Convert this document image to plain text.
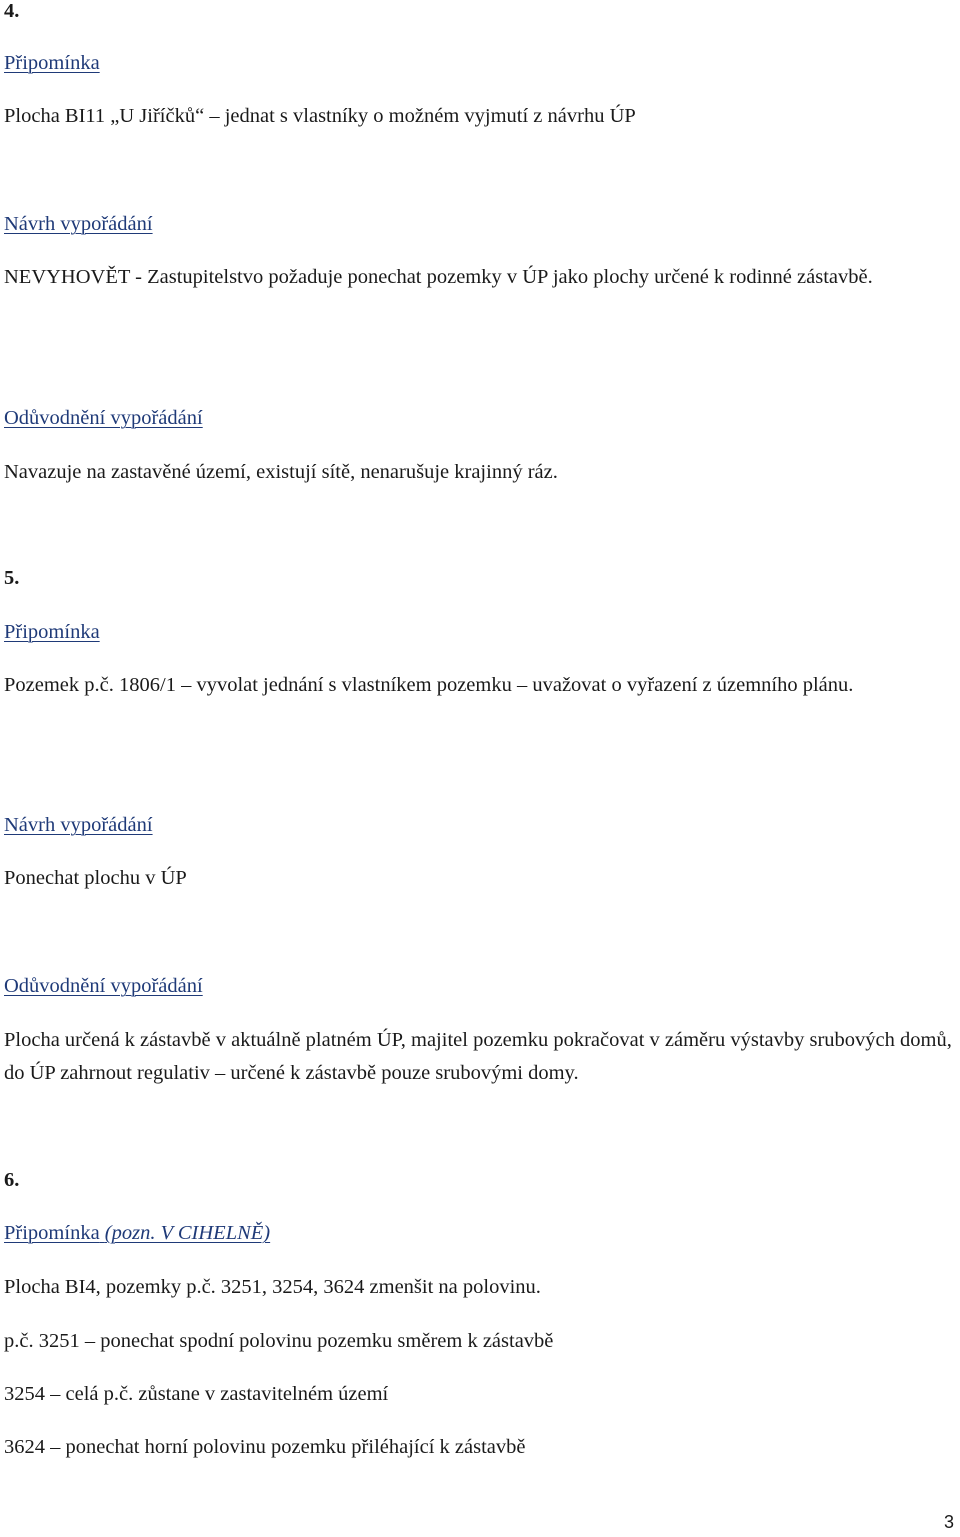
4.

Připomínka

Plocha BI11 „U Jiříčků“ – jednat s vlastníky o možném vyjmutí z návrhu ÚP

Návrh vypořádání

NEVYHOVĚT - Zastupitelstvo požaduje ponechat pozemky v ÚP jako plochy určené k rodinné zástavbě.

Odůvodnění vypořádání

Navazuje na zastavěné území, existují sítě, nenarušuje krajinný ráz.

5.

Připomínka

Pozemek p.č. 1806/1 – vyvolat jednání s vlastníkem pozemku – uvažovat o vyřazení z územního plánu.

Návrh vypořádání

Ponechat plochu v ÚP

Odůvodnění vypořádání

Plocha určená k zástavbě v aktuálně platném ÚP, majitel pozemku pokračovat v záměru výstavby srubových domů, do ÚP zahrnout regulativ – určené k zástavbě pouze srubovými domy.

6.

Připomínka (pozn. V CIHELNĚ)

Plocha BI4, pozemky p.č. 3251, 3254, 3624 zmenšit na polovinu.

p.č. 3251 – ponechat spodní polovinu pozemku směrem k zástavbě

3254 – celá p.č. zůstane v zastavitelném území

3624 – ponechat horní polovinu pozemku přiléhající k zástavbě

3
